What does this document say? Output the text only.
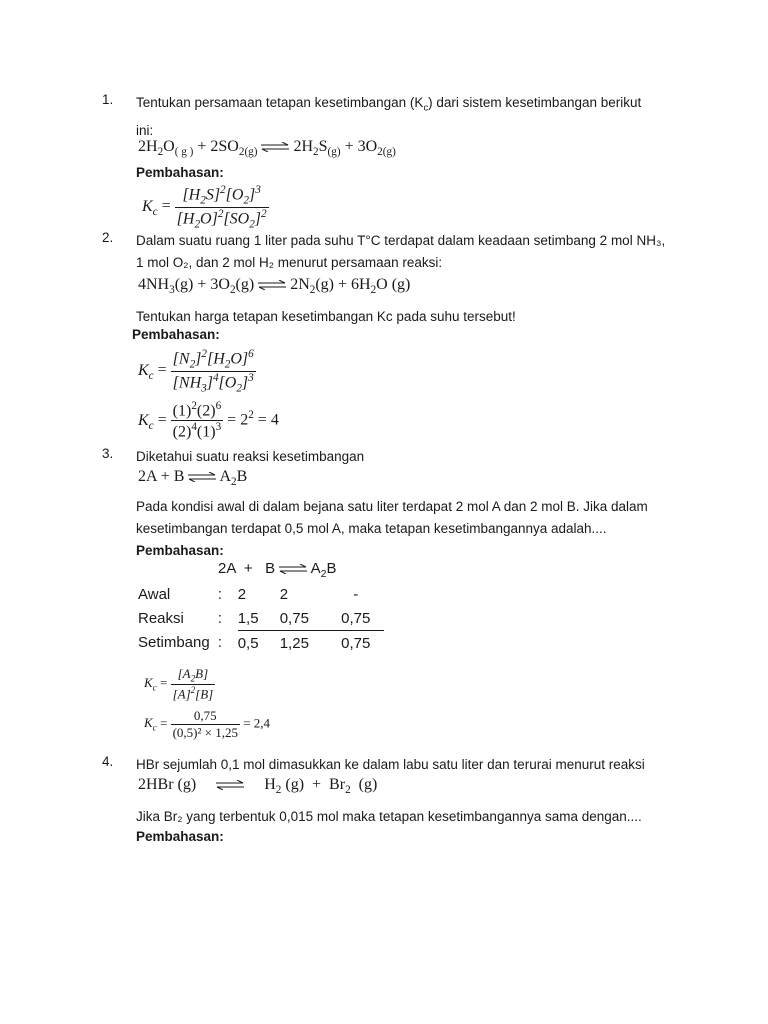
1. Tentukan persamaan tetapan kesetimbangan $(K_c)$ dari sistem kesetimbangan berikut
ini:
$2H_2O_{( g )} + 2SO_{2(g)}$ ⇌ $2H_2S_{(g)} + 3O_{2(g)}$
Pembahasan:
$K_c = \frac{[H_2S]^2[O_2]^3}{[H_2O]^2[SO_2]^2}$
2. Dalam suatu ruang 1 liter pada suhu T°C terdapat dalam keadaan setimbang 2 mol NH₃,
1 mol O₂, dan 2 mol H₂ menurut persamaan reaksi:
$4NH_3(g) + 3O_2(g)$ ⇌ $2N_2(g) + 6H_2O$ (g)
Tentukan harga tetapan kesetimbangan Kc pada suhu tersebut!
Pembahasan:
$K_c = \frac{[N_2]^2[H_2O]^6}{[NH_3]^4[O_2]^3}$
$K_c = \frac{(1)^2(2)^6}{(2)^4(1)^3} = 2^2 = 4$
3. Diketahui suatu reaksi kesetimbangan
2A + B ⇌ $A_2B$
Pada kondisi awal di dalam bejana satu liter terdapat 2 mol A dan 2 mol B. Jika dalam
kesetimbangan terdapat 0,5 mol A, maka tetapan kesetimbangannya adalah....
Pembahasan:
2A  +   B ⇌ $A_2B$
Awal	:	2	2	-
Reaksi	:	1,5	0,75	0,75
Setimbang	:	0,5	1,25	0,75
$K_c = \frac{[A_2B]}{[A]^2[B]}$
$K_c = \frac{0,75}{\text{(0,5)² × 1,25}} = 2,4$
4. HBr sejumlah 0,1 mol dimasukkan ke dalam labu satu liter dan terurai menurut reaksi
2HBr (g) ⇌ $H_2$ $(g) + Br_2$  (g)
Jika Br₂ yang terbentuk 0,015 mol maka tetapan kesetimbangannya sama dengan....
Pembahasan:
